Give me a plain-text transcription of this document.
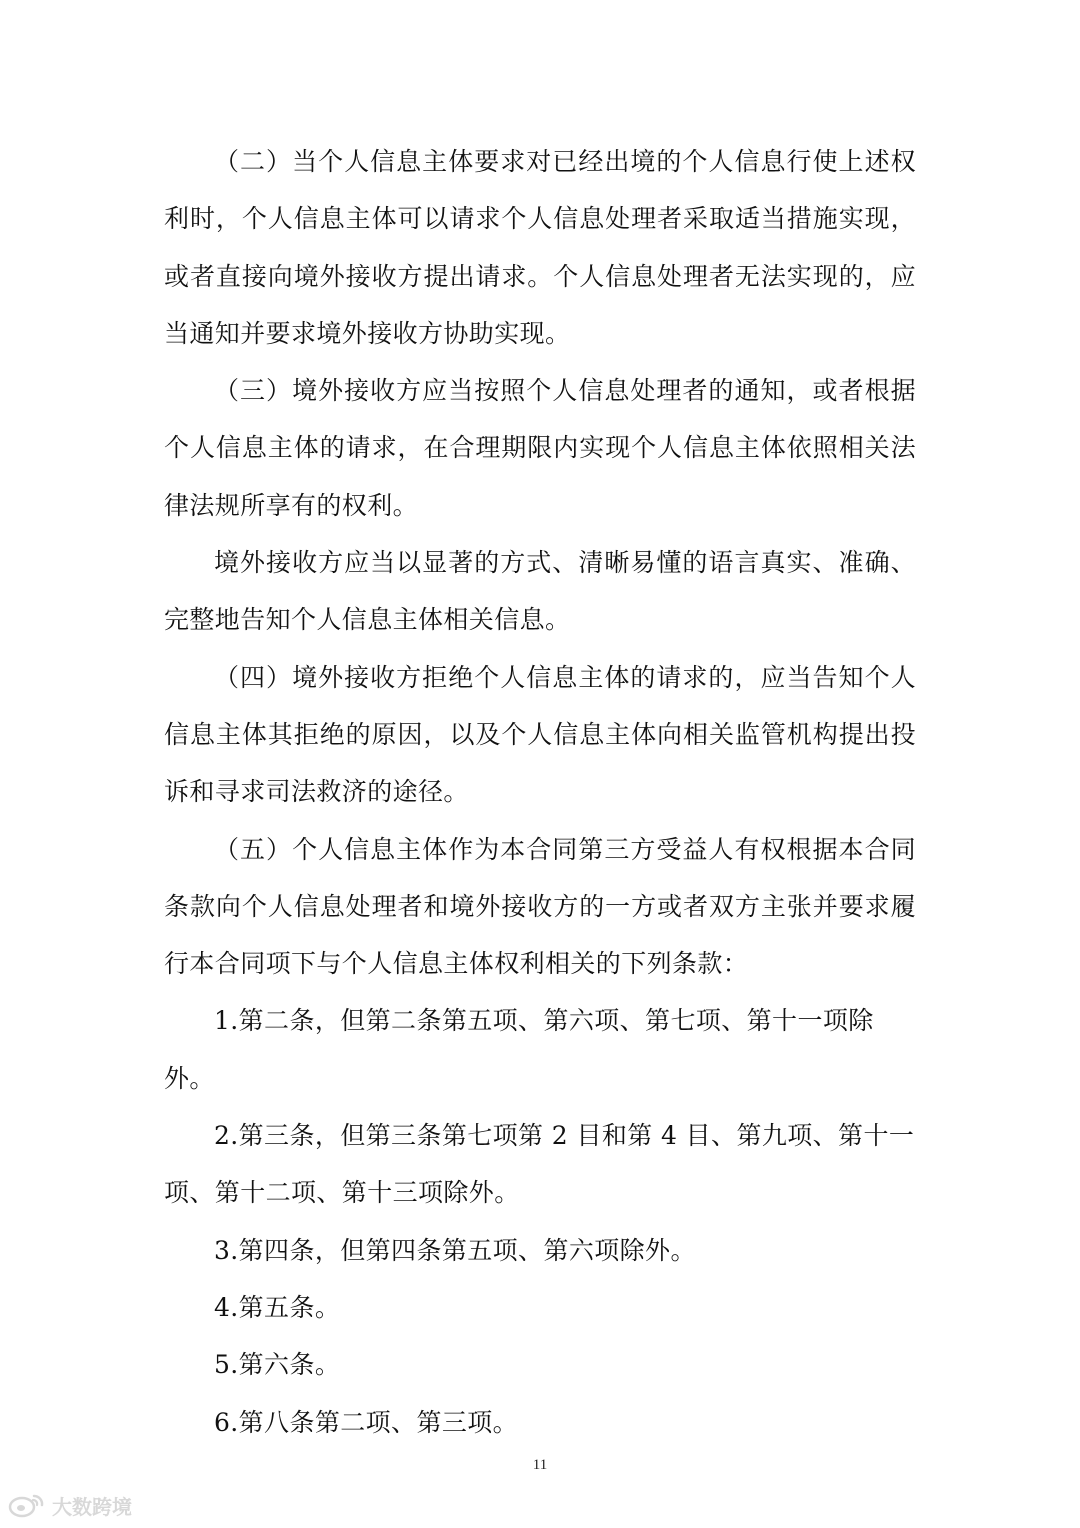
（二）当个人信息主体要求对已经出境的个人信息行使上述权利时，个人信息主体可以请求个人信息处理者采取适当措施实现，或者直接向境外接收方提出请求。个人信息处理者无法实现的，应当通知并要求境外接收方协助实现。

（三）境外接收方应当按照个人信息处理者的通知，或者根据个人信息主体的请求，在合理期限内实现个人信息主体依照相关法律法规所享有的权利。

境外接收方应当以显著的方式、清晰易懂的语言真实、准确、完整地告知个人信息主体相关信息。

（四）境外接收方拒绝个人信息主体的请求的，应当告知个人信息主体其拒绝的原因，以及个人信息主体向相关监管机构提出投诉和寻求司法救济的途径。

（五）个人信息主体作为本合同第三方受益人有权根据本合同条款向个人信息处理者和境外接收方的一方或者双方主张并要求履行本合同项下与个人信息主体权利相关的下列条款：

1.第二条，但第二条第五项、第六项、第七项、第十一项除外。

2.第三条，但第三条第七项第 2 目和第 4 目、第九项、第十一项、第十二项、第十三项除外。

3.第四条，但第四条第五项、第六项除外。

4.第五条。

5.第六条。

6.第八条第二项、第三项。

11
大数跨境
